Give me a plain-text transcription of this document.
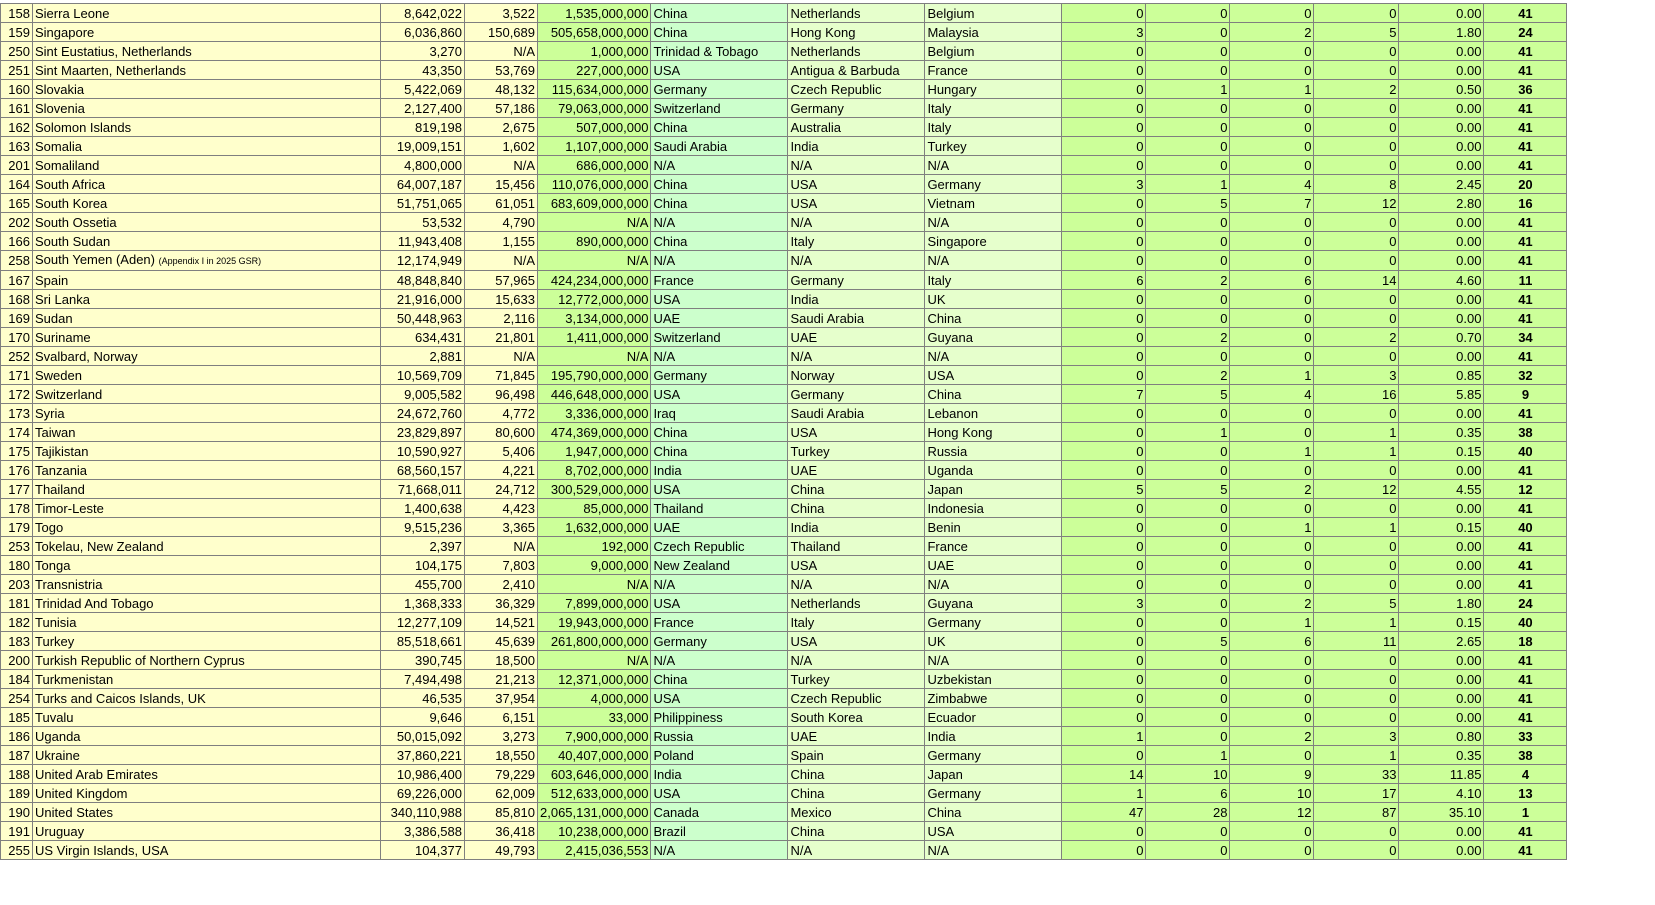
158	Sierra Leone	8,642,022	3,522	1,535,000,000	China	Netherlands	Belgium	0	0	0	0	0.00	41
159	Singapore	6,036,860	150,689	505,658,000,000	China	Hong Kong	Malaysia	3	0	2	5	1.80	24
250	Sint Eustatius, Netherlands	3,270	N/A	1,000,000	Trinidad & Tobago	Netherlands	Belgium	0	0	0	0	0.00	41
251	Sint Maarten, Netherlands	43,350	53,769	227,000,000	USA	Antigua & Barbuda	France	0	0	0	0	0.00	41
160	Slovakia	5,422,069	48,132	115,634,000,000	Germany	Czech Republic	Hungary	0	1	1	2	0.50	36
161	Slovenia	2,127,400	57,186	79,063,000,000	Switzerland	Germany	Italy	0	0	0	0	0.00	41
162	Solomon Islands	819,198	2,675	507,000,000	China	Australia	Italy	0	0	0	0	0.00	41
163	Somalia	19,009,151	1,602	1,107,000,000	Saudi Arabia	India	Turkey	0	0	0	0	0.00	41
201	Somaliland	4,800,000	N/A	686,000,000	N/A	N/A	N/A	0	0	0	0	0.00	41
164	South Africa	64,007,187	15,456	110,076,000,000	China	USA	Germany	3	1	4	8	2.45	20
165	South Korea	51,751,065	61,051	683,609,000,000	China	USA	Vietnam	0	5	7	12	2.80	16
202	South Ossetia	53,532	4,790	N/A	N/A	N/A	N/A	0	0	0	0	0.00	41
166	South Sudan	11,943,408	1,155	890,000,000	China	Italy	Singapore	0	0	0	0	0.00	41
258	South Yemen (Aden) (Appendix I in 2025 GSR)	12,174,949	N/A	N/A	N/A	N/A	N/A	0	0	0	0	0.00	41
167	Spain	48,848,840	57,965	424,234,000,000	France	Germany	Italy	6	2	6	14	4.60	11
168	Sri Lanka	21,916,000	15,633	12,772,000,000	USA	India	UK	0	0	0	0	0.00	41
169	Sudan	50,448,963	2,116	3,134,000,000	UAE	Saudi Arabia	China	0	0	0	0	0.00	41
170	Suriname	634,431	21,801	1,411,000,000	Switzerland	UAE	Guyana	0	2	0	2	0.70	34
252	Svalbard, Norway	2,881	N/A	N/A	N/A	N/A	N/A	0	0	0	0	0.00	41
171	Sweden	10,569,709	71,845	195,790,000,000	Germany	Norway	USA	0	2	1	3	0.85	32
172	Switzerland	9,005,582	96,498	446,648,000,000	USA	Germany	China	7	5	4	16	5.85	9
173	Syria	24,672,760	4,772	3,336,000,000	Iraq	Saudi Arabia	Lebanon	0	0	0	0	0.00	41
174	Taiwan	23,829,897	80,600	474,369,000,000	China	USA	Hong Kong	0	1	0	1	0.35	38
175	Tajikistan	10,590,927	5,406	1,947,000,000	China	Turkey	Russia	0	0	1	1	0.15	40
176	Tanzania	68,560,157	4,221	8,702,000,000	India	UAE	Uganda	0	0	0	0	0.00	41
177	Thailand	71,668,011	24,712	300,529,000,000	USA	China	Japan	5	5	2	12	4.55	12
178	Timor-Leste	1,400,638	4,423	85,000,000	Thailand	China	Indonesia	0	0	0	0	0.00	41
179	Togo	9,515,236	3,365	1,632,000,000	UAE	India	Benin	0	0	1	1	0.15	40
253	Tokelau, New Zealand	2,397	N/A	192,000	Czech Republic	Thailand	France	0	0	0	0	0.00	41
180	Tonga	104,175	7,803	9,000,000	New Zealand	USA	UAE	0	0	0	0	0.00	41
203	Transnistria	455,700	2,410	N/A	N/A	N/A	N/A	0	0	0	0	0.00	41
181	Trinidad And Tobago	1,368,333	36,329	7,899,000,000	USA	Netherlands	Guyana	3	0	2	5	1.80	24
182	Tunisia	12,277,109	14,521	19,943,000,000	France	Italy	Germany	0	0	1	1	0.15	40
183	Turkey	85,518,661	45,639	261,800,000,000	Germany	USA	UK	0	5	6	11	2.65	18
200	Turkish Republic of Northern Cyprus	390,745	18,500	N/A	N/A	N/A	N/A	0	0	0	0	0.00	41
184	Turkmenistan	7,494,498	21,213	12,371,000,000	China	Turkey	Uzbekistan	0	0	0	0	0.00	41
254	Turks and Caicos Islands, UK	46,535	37,954	4,000,000	USA	Czech Republic	Zimbabwe	0	0	0	0	0.00	41
185	Tuvalu	9,646	6,151	33,000	Philippiness	South Korea	Ecuador	0	0	0	0	0.00	41
186	Uganda	50,015,092	3,273	7,900,000,000	Russia	UAE	India	1	0	2	3	0.80	33
187	Ukraine	37,860,221	18,550	40,407,000,000	Poland	Spain	Germany	0	1	0	1	0.35	38
188	United Arab Emirates	10,986,400	79,229	603,646,000,000	India	China	Japan	14	10	9	33	11.85	4
189	United Kingdom	69,226,000	62,009	512,633,000,000	USA	China	Germany	1	6	10	17	4.10	13
190	United States	340,110,988	85,810	2,065,131,000,000	Canada	Mexico	China	47	28	12	87	35.10	1
191	Uruguay	3,386,588	36,418	10,238,000,000	Brazil	China	USA	0	0	0	0	0.00	41
255	US Virgin Islands, USA	104,377	49,793	2,415,036,553	N/A	N/A	N/A	0	0	0	0	0.00	41
